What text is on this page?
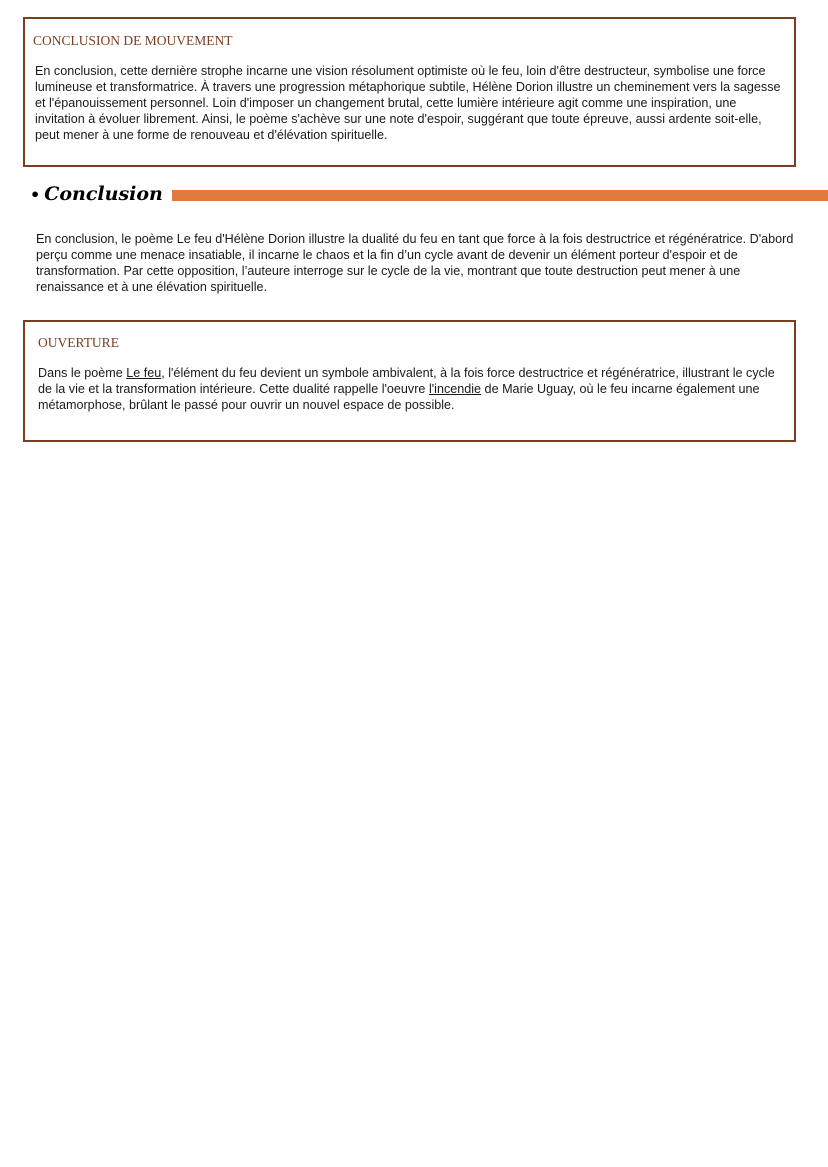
CONCLUSION DE MOUVEMENT
En conclusion, cette dernière strophe incarne une vision résolument optimiste où le feu, loin d'être destructeur, symbolise une force lumineuse et transformatrice. À travers une progression métaphorique subtile, Hélène Dorion illustre un cheminement vers la sagesse et l'épanouissement personnel. Loin d'imposer un changement brutal, cette lumière intérieure agit comme une inspiration, une invitation à évoluer librement. Ainsi, le poème s'achève sur une note d'espoir, suggérant que toute épreuve, aussi ardente soit-elle, peut mener à une forme de renouveau et d'élévation spirituelle.
• Conclusion
En conclusion, le poème Le feu d'Hélène Dorion illustre la dualité du feu en tant que force à la fois destructrice et régénératrice. D'abord perçu comme une menace insatiable, il incarne le chaos et la fin d’un cycle avant de devenir un élément porteur d'espoir et de transformation. Par cette opposition, l’auteure interroge sur le cycle de la vie, montrant que toute destruction peut mener à une renaissance et à une élévation spirituelle.
OUVERTURE
Dans le poème Le feu, l'élément du feu devient un symbole ambivalent, à la fois force destructrice et régénératrice, illustrant le cycle de la vie et la transformation intérieure. Cette dualité rappelle l'oeuvre l'incendie de Marie Uguay, où le feu incarne également une métamorphose, brûlant le passé pour ouvrir un nouvel espace de possible.
